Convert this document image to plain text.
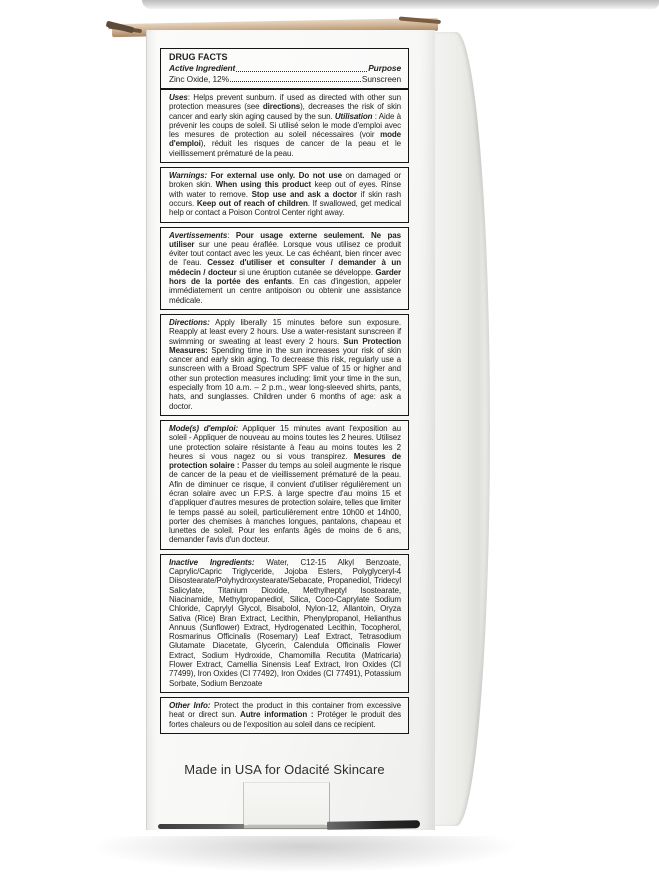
DRUG FACTS
Active Ingredient	Purpose
Zinc Oxide, 12%	Sunscreen
Uses: Helps prevent sunburn. if used as directed with other sun protection measures (see directions), decreases the risk of skin cancer and early skin aging caused by the sun. Utilisation : Aide à prévenir les coups de soleil. Si utilisé selon le mode d'emploi avec les mesures de protection au soleil nécessaires (voir mode d'emploi), réduit les risques de cancer de la peau et le vieillissement prématuré de la peau.
Warnings: For external use only. Do not use on damaged or broken skin. When using this product keep out of eyes. Rinse with water to remove. Stop use and ask a doctor if skin rash occurs. Keep out of reach of children. If swallowed, get medical help or contact a Poison Control Center right away.
Avertissements: Pour usage externe seulement. Ne pas utiliser sur une peau éraflée. Lorsque vous utilisez ce produit éviter tout contact avec les yeux. Le cas échéant, bien rincer avec de l'eau. Cessez d'utiliser et consulter / demander à un médecin / docteur si une éruption cutanée se développe. Garder hors de la portée des enfants. En cas d'ingestion, appeler immédiatement un centre antipoison ou obtenir une assistance médicale.
Directions: Apply liberally 15 minutes before sun exposure. Reapply at least every 2 hours. Use a water-resistant sunscreen if swimming or sweating at least every 2 hours. Sun Protection Measures: Spending time in the sun increases your risk of skin cancer and early skin aging. To decrease this risk, regularly use a sunscreen with a Broad Spectrum SPF value of 15 or higher and other sun protection measures including: limit your time in the sun, especially from 10 a.m. – 2 p.m., wear long-sleeved shirts, pants, hats, and sunglasses. Children under 6 months of age: ask a doctor.
Mode(s) d'emploi: Appliquer 15 minutes avant l'exposition au soleil - Appliquer de nouveau au moins toutes les 2 heures. Utilisez une protection solaire résistante à l'eau au moins toutes les 2 heures si vous nagez ou si vous transpirez. Mesures de protection solaire : Passer du temps au soleil augmente le risque de cancer de la peau et de vieillissement prématuré de la peau. Afin de diminuer ce risque, il convient d'utiliser régulièrement un écran solaire avec un F.P.S. à large spectre d'au moins 15 et d'appliquer d'autres mesures de protection solaire, telles que limiter le temps passé au soleil, particulièrement entre 10h00 et 14h00, porter des chemises à manches longues, pantalons, chapeau et lunettes de soleil. Pour les enfants âgés de moins de 6 ans, demander l'avis d'un docteur.
Inactive Ingredients: Water, C12-15 Alkyl Benzoate, Caprylic/Capric Triglyceride, Jojoba Esters, Polyglyceryl-4 Diisostearate/Polyhydroxystearate/Sebacate, Propanediol, Tridecyl Salicylate, Titanium Dioxide, Methylheptyl Isostearate, Niacinamide, Methylpropanediol, Silica, Coco-Caprylate Sodium Chloride, Caprylyl Glycol, Bisabolol, Nylon-12, Allantoin, Oryza Sativa (Rice) Bran Extract, Lecithin, Phenylpropanol, Helianthus Annuus (Sunflower) Extract, Hydrogenated Lecithin, Tocopherol, Rosmarinus Officinalis (Rosemary) Leaf Extract, Tetrasodium Glutamate Diacetate, Glycerin, Calendula Officinalis Flower Extract, Sodium Hydroxide, Chamomilla Recutita (Matricaria) Flower Extract, Camellia Sinensis Leaf Extract, Iron Oxides (CI 77499), Iron Oxides (CI 77492), Iron Oxides (CI 77491), Potassium Sorbate, Sodium Benzoate
Other Info: Protect the product in this container from excessive heat or direct sun. Autre information : Protéger le produit des fortes chaleurs ou de l'exposition au soleil dans ce recipient.
Made in USA for Odacité Skincare
